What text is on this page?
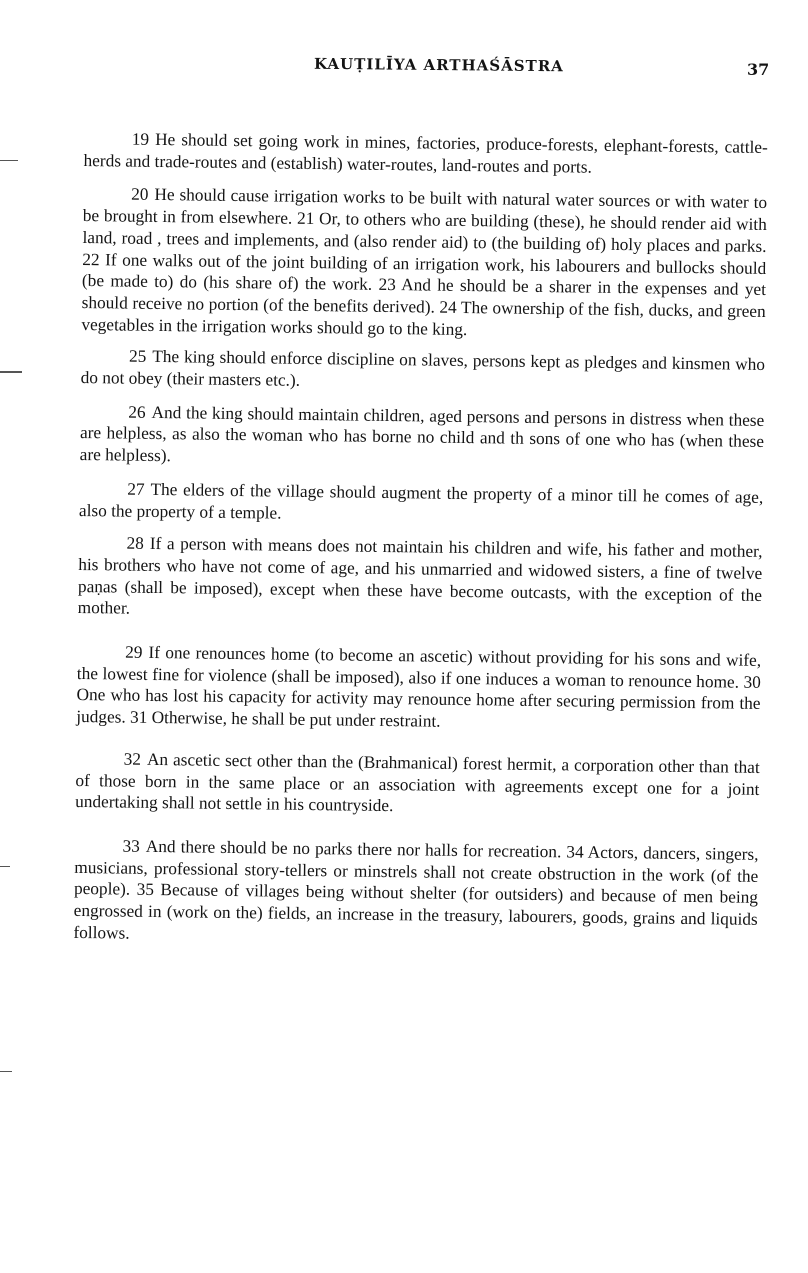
KAUṬILĪYA ARTHAŚĀSTRA	37

19 He should set going work in mines, factories, produce-forests, elephant-forests, cattle-herds and trade-routes and (establish) water-routes, land-routes and ports.

20 He should cause irrigation works to be built with natural water sources or with water to be brought in from elsewhere. 21 Or, to others who are building (these), he should render aid with land, road , trees and implements, and (also render aid) to (the building of) holy places and parks. 22 If one walks out of the joint building of an irrigation work, his labourers and bullocks should (be made to) do (his share of) the work. 23 And he should be a sharer in the expenses and yet should receive no portion (of the benefits derived). 24 The ownership of the fish, ducks, and green vegetables in the irrigation works should go to the king.

25 The king should enforce discipline on slaves, persons kept as pledges and kinsmen who do not obey (their masters etc.).

26 And the king should maintain children, aged persons and persons in distress when these are helpless, as also the woman who has borne no child and th sons of one who has (when these are helpless).

27 The elders of the village should augment the property of a minor till he comes of age, also the property of a temple.

28 If a person with means does not maintain his children and wife, his father and mother, his brothers who have not come of age, and his unmarried and widowed sisters, a fine of twelve paṇas (shall be imposed), except when these have become outcasts, with the exception of the mother.

29 If one renounces home (to become an ascetic) without providing for his sons and wife, the lowest fine for violence (shall be imposed), also if one induces a woman to renounce home. 30 One who has lost his capacity for activity may renounce home after securing permission from the judges. 31 Otherwise, he shall be put under restraint.

32 An ascetic sect other than the (Brahmanical) forest hermit, a corporation other than that of those born in the same place or an association with agreements except one for a joint undertaking shall not settle in his countryside.

33 And there should be no parks there nor halls for recreation. 34 Actors, dancers, singers, musicians, professional story-tellers or minstrels shall not create obstruction in the work (of the people). 35 Because of villages being without shelter (for outsiders) and because of men being engrossed in (work on the) fields, an increase in the treasury, labourers, goods, grains and liquids follows.
